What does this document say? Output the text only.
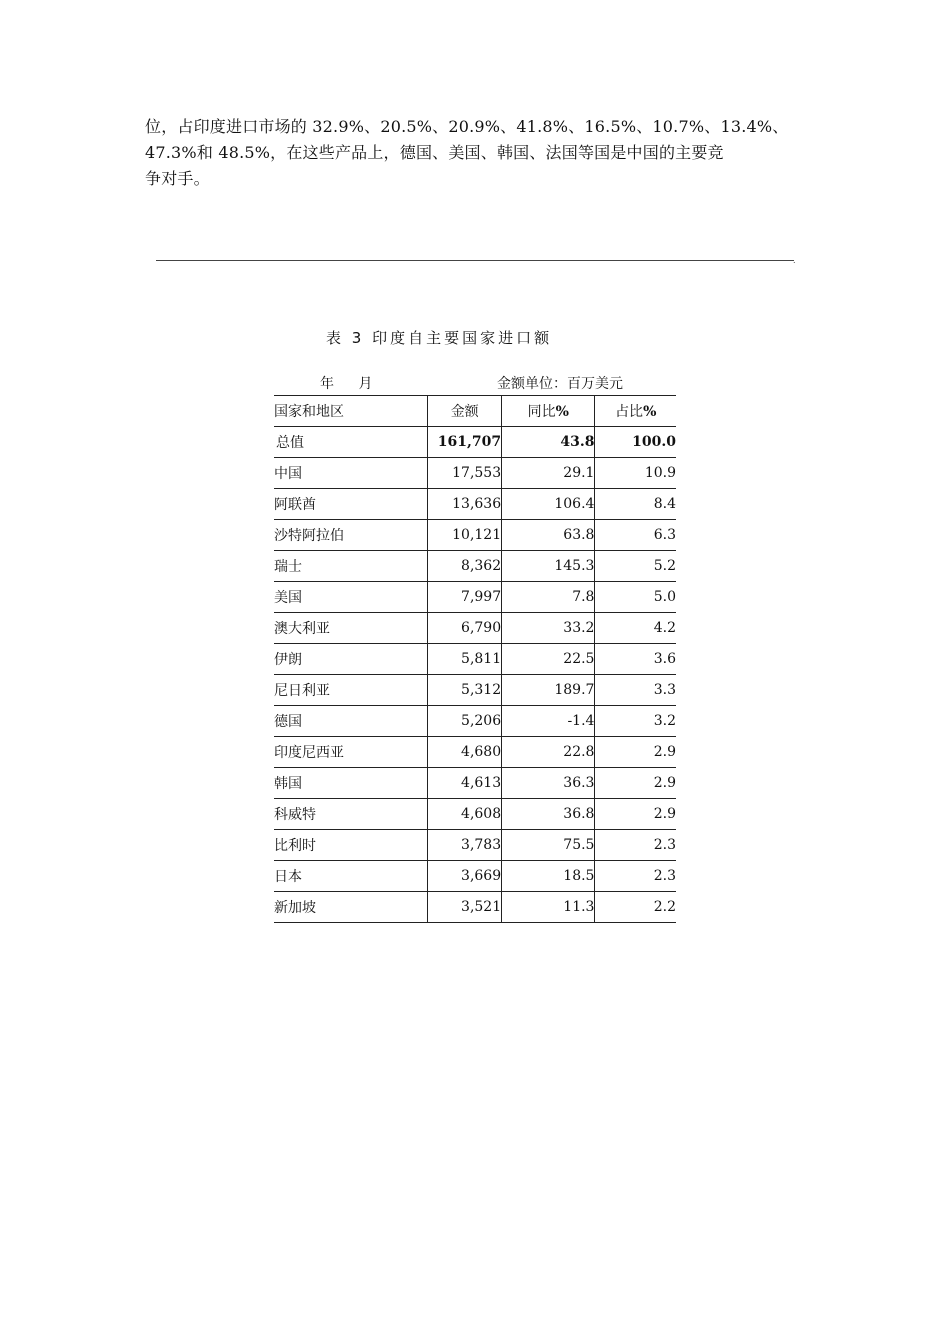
位，占印度进口市场的 32.9%、20.5%、20.9%、41.8%、16.5%、10.7%、13.4%、
47.3%和 48.5%，在这些产品上，德国、美国、韩国、法国等国是中国的主要竞
争对手。
.
表 3 印度自主要国家进口额
年 月	金额单位：百万美元
国家和地区	金额	同比%	占比%
总值	161,707	43.8	100.0
中国	17,553	29.1	10.9
阿联酋	13,636	106.4	8.4
沙特阿拉伯	10,121	63.8	6.3
瑞士	8,362	145.3	5.2
美国	7,997	7.8	5.0
澳大利亚	6,790	33.2	4.2
伊朗	5,811	22.5	3.6
尼日利亚	5,312	189.7	3.3
德国	5,206	-1.4	3.2
印度尼西亚	4,680	22.8	2.9
韩国	4,613	36.3	2.9
科威特	4,608	36.8	2.9
比利时	3,783	75.5	2.3
日本	3,669	18.5	2.3
新加坡	3,521	11.3	2.2
